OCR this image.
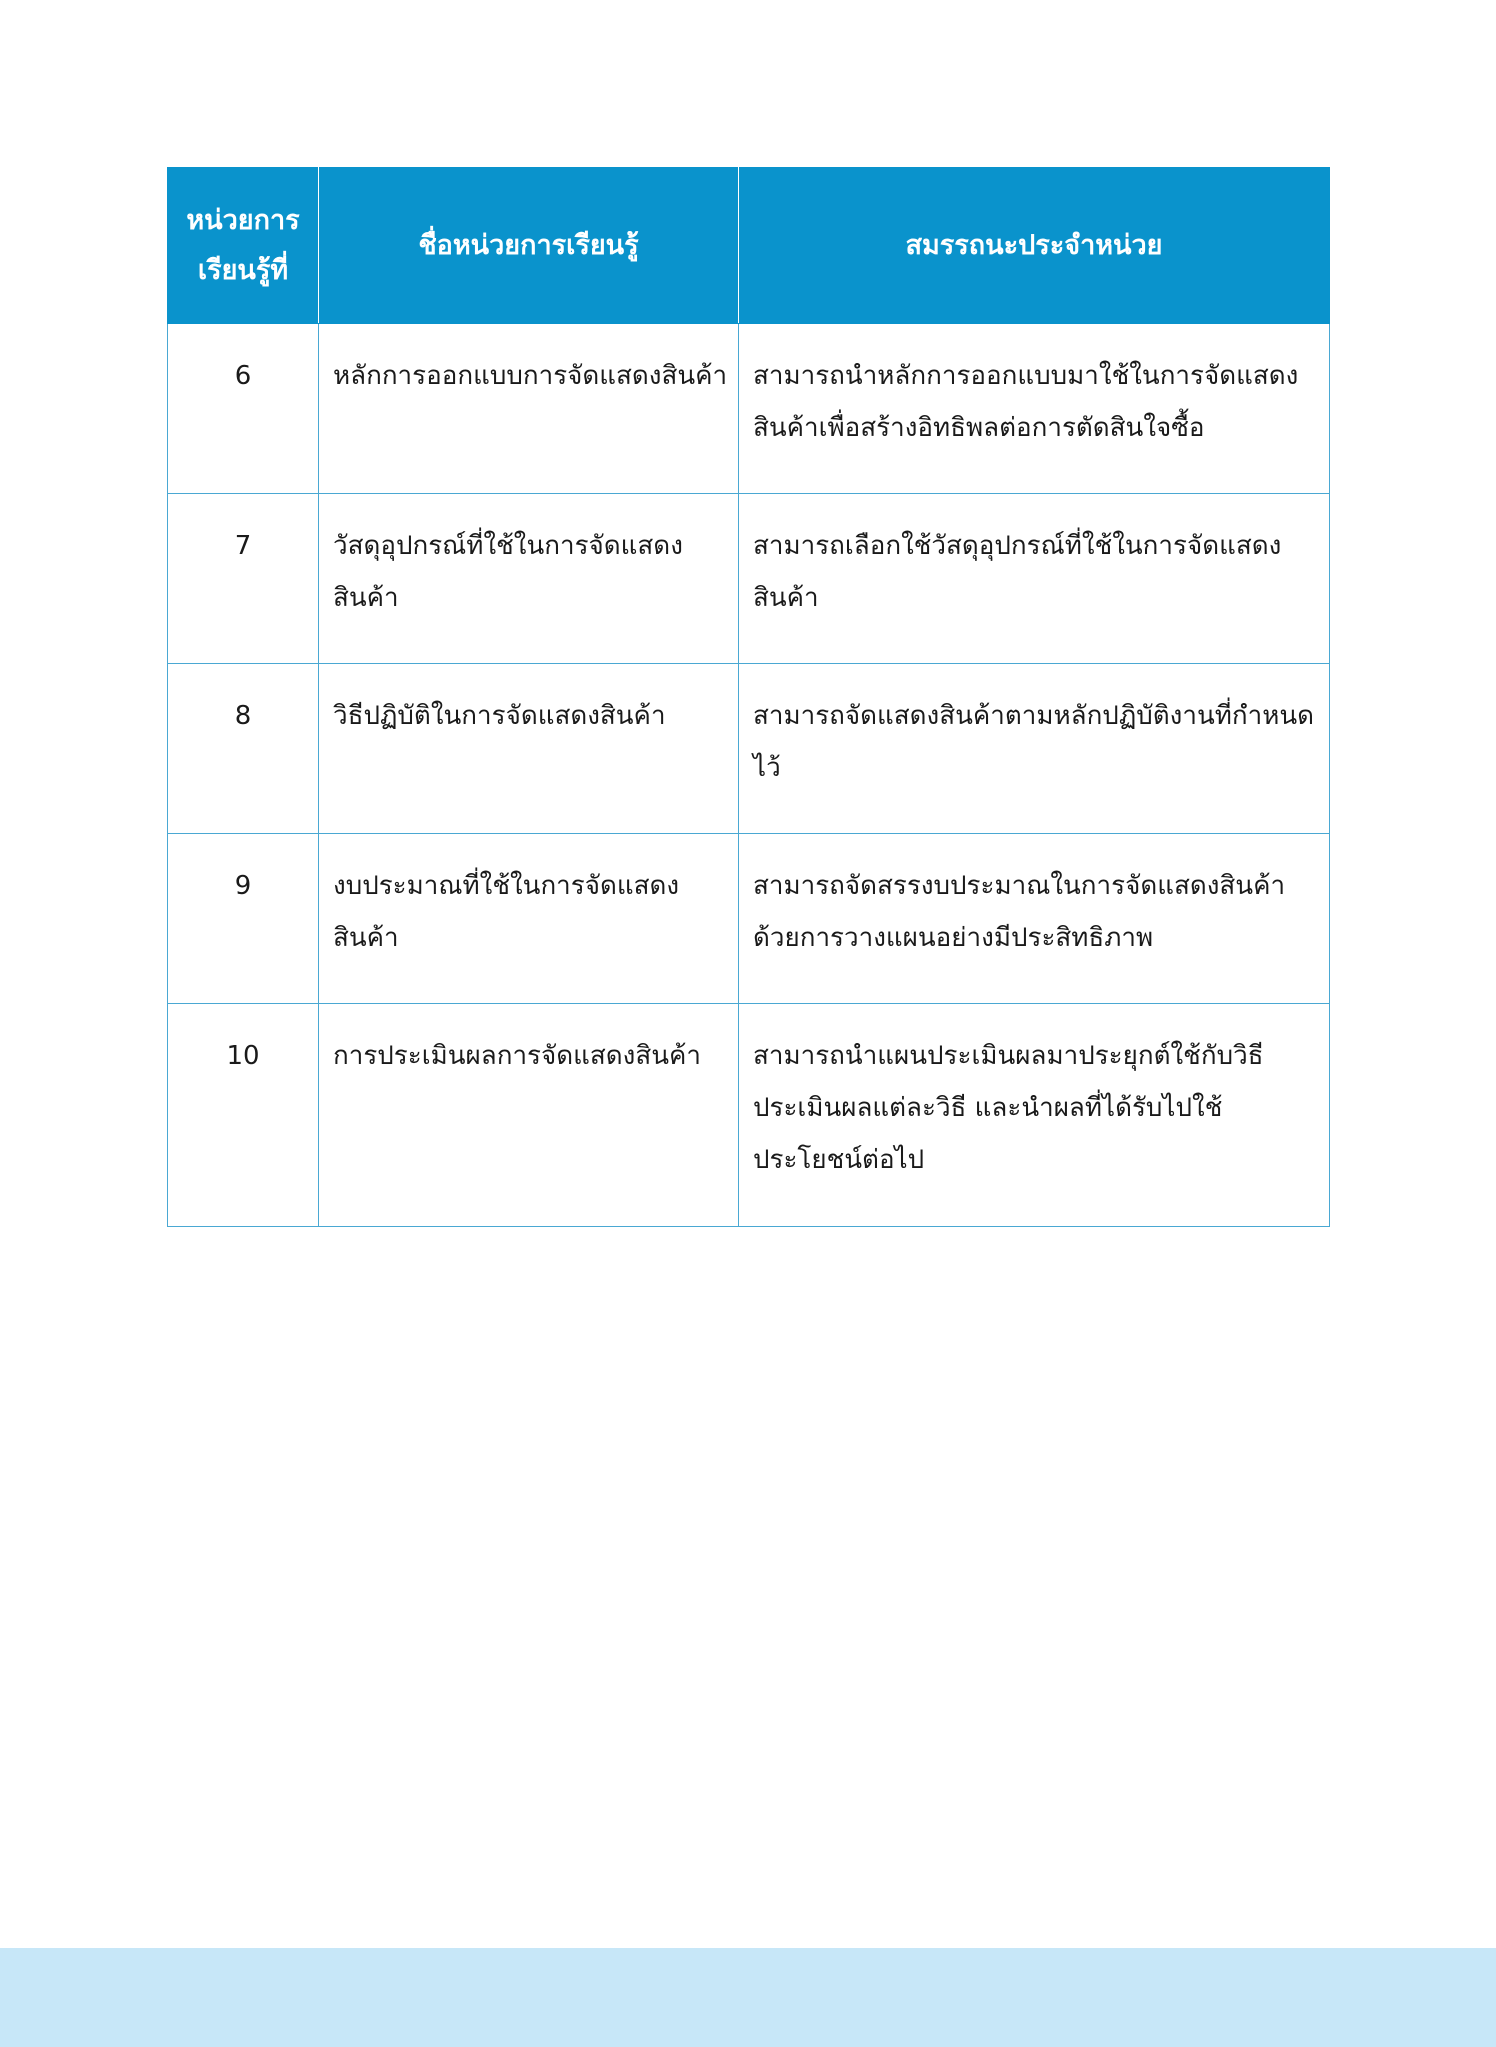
หน่วยการ
เรียนรู้ที่	ชื่อหน่วยการเรียนรู้	สมรรถนะประจำหน่วย
6	หลักการออกแบบการจัดแสดงสินค้า	สามารถนำหลักการออกแบบมาใช้ในการจัดแสดงสินค้าเพื่อสร้างอิทธิพลต่อการตัดสินใจซื้อ
7	วัสดุอุปกรณ์ที่ใช้ในการจัดแสดงสินค้า	สามารถเลือกใช้วัสดุอุปกรณ์ที่ใช้ในการจัดแสดงสินค้า
8	วิธีปฏิบัติในการจัดแสดงสินค้า	สามารถจัดแสดงสินค้าตามหลักปฏิบัติงานที่กำหนดไว้
9	งบประมาณที่ใช้ในการจัดแสดงสินค้า	สามารถจัดสรรงบประมาณในการจัดแสดงสินค้าด้วยการวางแผนอย่างมีประสิทธิภาพ
10	การประเมินผลการจัดแสดงสินค้า	สามารถนำแผนประเมินผลมาประยุกต์ใช้กับวิธีประเมินผลแต่ละวิธี และนำผลที่ได้รับไปใช้ประโยชน์ต่อไป
